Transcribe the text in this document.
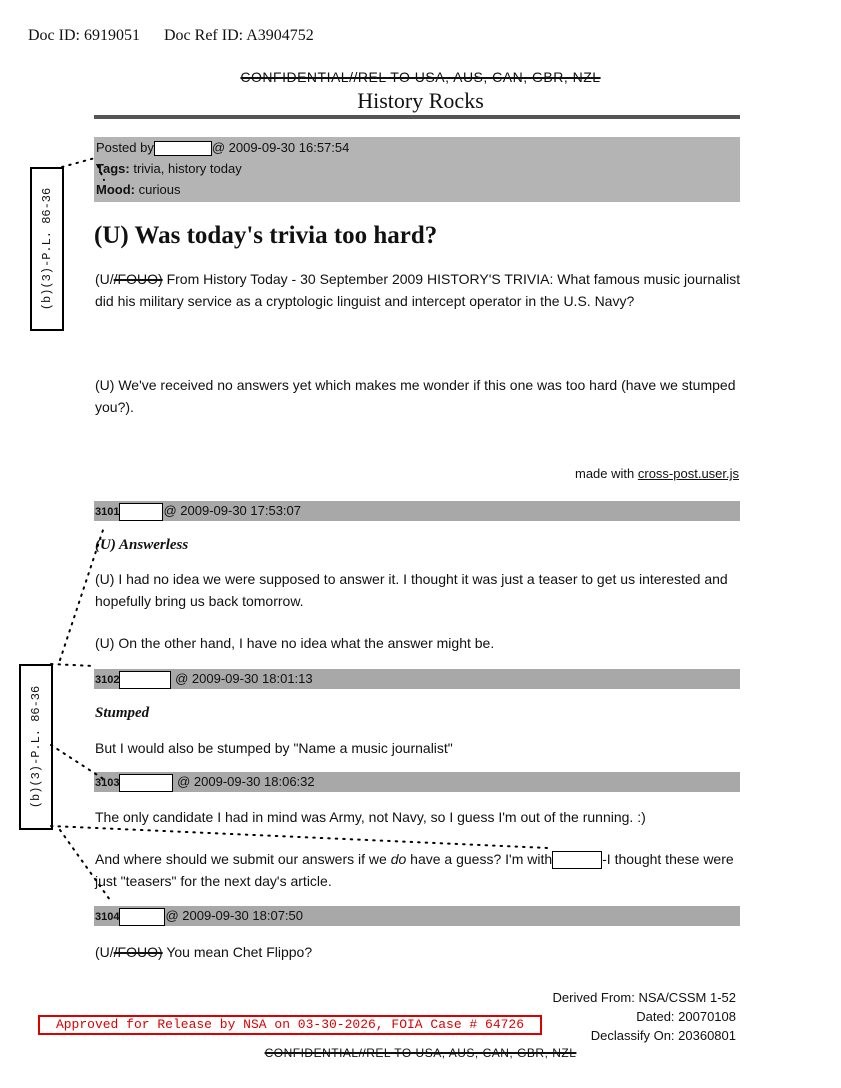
Doc ID: 6919051 Doc Ref ID: A3904752
CONFIDENTIAL//REL TO USA, AUS, CAN, GBR, NZL
History Rocks
Posted by	@ 2009-09-30 16:57:54
Tags: trivia, history today
Mood: curious
(U) Was today's trivia too hard?
(U//FOUO) From History Today - 30 September 2009 HISTORY'S TRIVIA: What famous music journalist did his military service as a cryptologic linguist and intercept operator in the U.S. Navy?
(U) We've received no answers yet which makes me wonder if this one was too hard (have we stumped you?).
made with cross-post.user.js
3101	@ 2009-09-30 17:53:07
(U) Answerless
(U) I had no idea we were supposed to answer it. I thought it was just a teaser to get us interested and hopefully bring us back tomorrow.
(U) On the other hand, I have no idea what the answer might be.
3102	@ 2009-09-30 18:01:13
Stumped
But I would also be stumped by "Name a music journalist"
3103	@ 2009-09-30 18:06:32
The only candidate I had in mind was Army, not Navy, so I guess I'm out of the running. :)
And where should we submit our answers if we do have a guess? I'm with	-I thought these were just "teasers" for the next day's article.
3104	@ 2009-09-30 18:07:50
(U//FOUO) You mean Chet Flippo?
(b)(3)-P.L. 86-36
(b)(3)-P.L. 86-36
Derived From: NSA/CSSM 1-52
Dated: 20070108
Declassify On: 20360801
Approved for Release by NSA on 03-30-2026, FOIA Case # 64726
CONFIDENTIAL//REL TO USA, AUS, CAN, GBR, NZL
